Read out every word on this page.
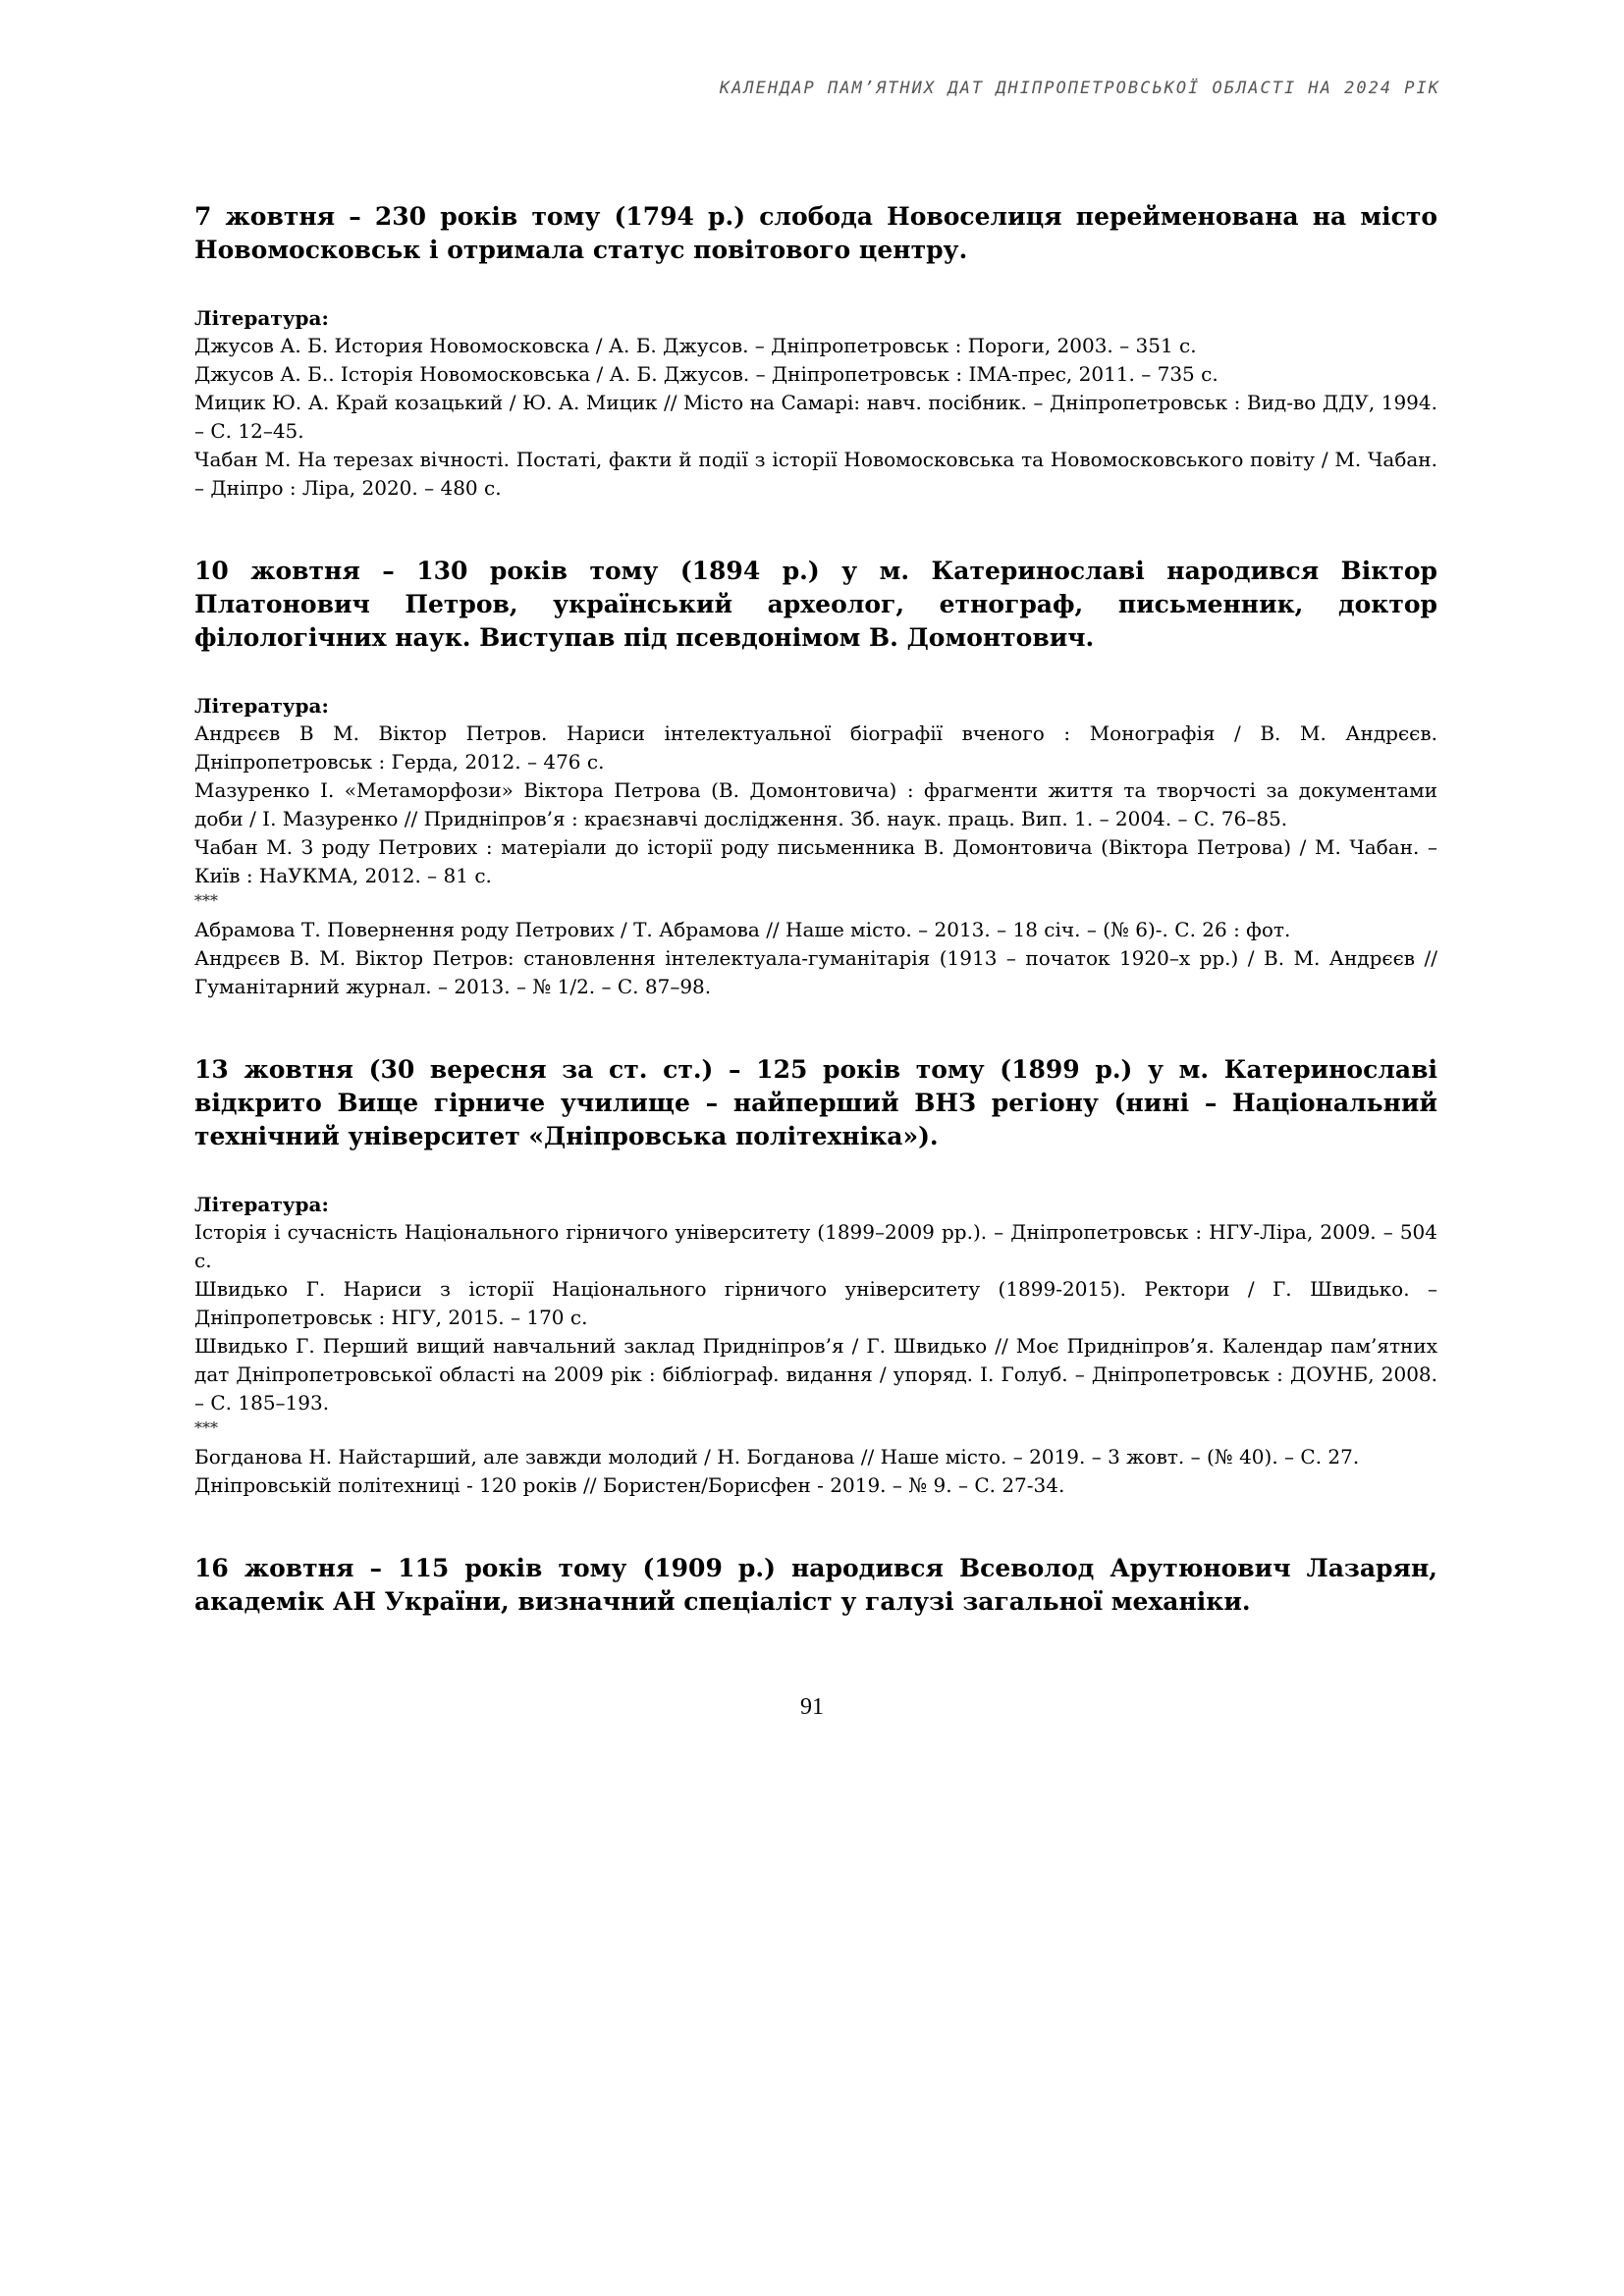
КАЛЕНДАР ПАМ’ЯТНИХ ДАТ ДНІПРОПЕТРОВСЬКОЇ ОБЛАСТІ НА 2024 РІК

7 жовтня – 230 років тому (1794 р.) слобода Новоселиця перейменована на місто Новомосковськ і отримала статус повітового центру.

Література:

Джусов А. Б. История Новомосковска / А. Б. Джусов. – Дніпропетровськ : Пороги, 2003. – 351 с.

Джусов А. Б.. Історія Новомосковська / А. Б. Джусов. – Дніпропетровськ : ІМА-прес, 2011. – 735 с.

Мицик Ю. А. Край козацький / Ю. А. Мицик // Місто на Самарі: навч. посібник. – Дніпропетровськ : Вид-во ДДУ, 1994. – С. 12–45.

Чабан М. На терезах вічності. Постаті, факти й події з історії Новомосковська та Новомосковського повіту / М. Чабан. – Дніпро : Ліра, 2020. – 480 с.

10 жовтня – 130 років тому (1894 р.) у м. Катеринославі народився Віктор Платонович Петров, український археолог, етнограф, письменник, доктор філологічних наук. Виступав під псевдонімом В. Домонтович.

Література:

Андрєєв В М. Віктор Петров. Нариси інтелектуальної біографії вченого : Монографія / В. М. Андрєєв. Дніпропетровськ : Герда, 2012. – 476 с.

Мазуренко І. «Метаморфози» Віктора Петрова (В. Домонтовича) : фрагменти життя та творчості за документами доби / І. Мазуренко // Придніпров’я : краєзнавчі дослідження. Зб. наук. праць. Вип. 1. – 2004. – С. 76–85.

Чабан М. З роду Петрових : матеріали до історії роду письменника В. Домонтовича (Віктора Петрова) / М. Чабан. – Київ : НаУКМА, 2012. – 81 с.

***

Абрамова Т. Повернення роду Петрових / Т. Абрамова // Наше місто. – 2013. – 18 січ. – (№ 6)-. С. 26 : фот.

Андрєєв В. М. Віктор Петров: становлення інтелектуала-гуманітарія (1913 – початок 1920–х рр.) / В. М. Андрєєв // Гуманітарний журнал. – 2013. – № 1/2. – С. 87–98.

13 жовтня (30 вересня за ст. ст.) – 125 років тому (1899 р.) у м. Катеринославі відкрито Вище гірниче училище – найперший ВНЗ регіону (нині – Національний технічний університет «Дніпровська політехніка»).

Література:

Історія і сучасність Національного гірничого університету (1899–2009 рр.). – Дніпропетровськ : НГУ-Ліра, 2009. – 504 с.

Швидько Г. Нариси з історії Національного гірничого університету (1899-2015). Ректори / Г. Швидько. – Дніпропетровськ : НГУ, 2015. – 170 с.

Швидько Г. Перший вищий навчальний заклад Придніпров’я / Г. Швидько // Моє Придніпров’я. Календар пам’ятних дат Дніпропетровської області на 2009 рік : бібліограф. видання / упоряд. І. Голуб. – Дніпропетровськ : ДОУНБ, 2008. – С. 185–193.

***

Богданова Н. Найстарший, але завжди молодий / Н. Богданова // Наше місто. – 2019. – 3 жовт. – (№ 40). – С. 27.

Дніпровській політехниці - 120 років // Бористен/Борисфен - 2019. – № 9. – С. 27-34.

16 жовтня – 115 років тому (1909 р.) народився Всеволод Арутюнович Лазарян, академік АН України, визначний спеціаліст у галузі загальної механіки.

91
